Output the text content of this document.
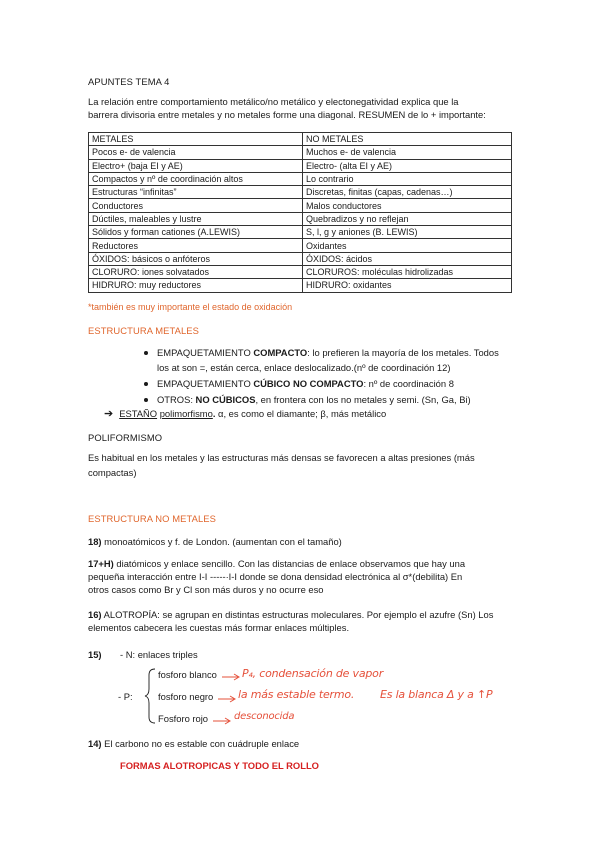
APUNTES TEMA 4
La relación entre comportamiento metálico/no metálico y electonegatividad explica que la
barrera divisoria entre metales y no metales forme una diagonal. RESUMEN de lo + importante:
METALES	NO METALES
Pocos e- de valencia	Muchos e- de valencia
Electro+ (baja EI y AE)	Electro- (alta EI y AE)
Compactos y nº de coordinación altos	Lo contrario
Estructuras “infinitas”	Discretas, finitas (capas, cadenas…)
Conductores	Malos conductores
Dúctiles, maleables y lustre	Quebradizos y no reflejan
Sólidos y forman cationes (A.LEWIS)	S, l, g y aniones (B. LEWIS)
Reductores	Oxidantes
ÓXIDOS: básicos o anfóteros	ÓXIDOS: ácidos
CLORURO: iones solvatados	CLORUROS: moléculas hidrolizadas
HIDRURO: muy reductores	HIDRURO: oxidantes
*también es muy importante el estado de oxidación
ESTRUCTURA METALES
EMPAQUETAMIENTO COMPACTO: lo prefieren la mayoría de los metales. Todos
los at son =, están cerca, enlace deslocalizado.(nº de coordinación 12)
EMPAQUETAMIENTO CÚBICO NO COMPACTO: nº de coordinación 8
OTROS: NO CÚBICOS, en frontera con los no metales y semi. (Sn, Ga, Bi)
➔ ESTAÑO polimorfismo. α, es como el diamante; β, más metálico
POLIFORMISMO
Es habitual en los metales y las estructuras más densas se favorecen a altas presiones (más
compactas)
ESTRUCTURA NO METALES
18) monoatómicos y f. de London. (aumentan con el tamaño)
17+H) diatómicos y enlace sencillo. Con las distancias de enlace observamos que hay una
pequeña interacción entre I-I -----·I-I donde se dona densidad electrónica al σ*(debilita) En
otros casos como Br y Cl son más duros y no ocurre eso
16) ALOTROPÍA: se agrupan en distintas estructuras moleculares. Por ejemplo el azufre (Sn) Los
elementos cabecera les cuestas más formar enlaces múltiples.
15) - N: enlaces triples
- P:
fosforo blanco
fosforo negro
Fosforo rojo
P₄, condensación de vapor
la más estable termo. Es la blanca Δ y a ↑P
desconocida
14) El carbono no es estable con cuádruple enlace
FORMAS ALOTROPICAS Y TODO EL ROLLO
